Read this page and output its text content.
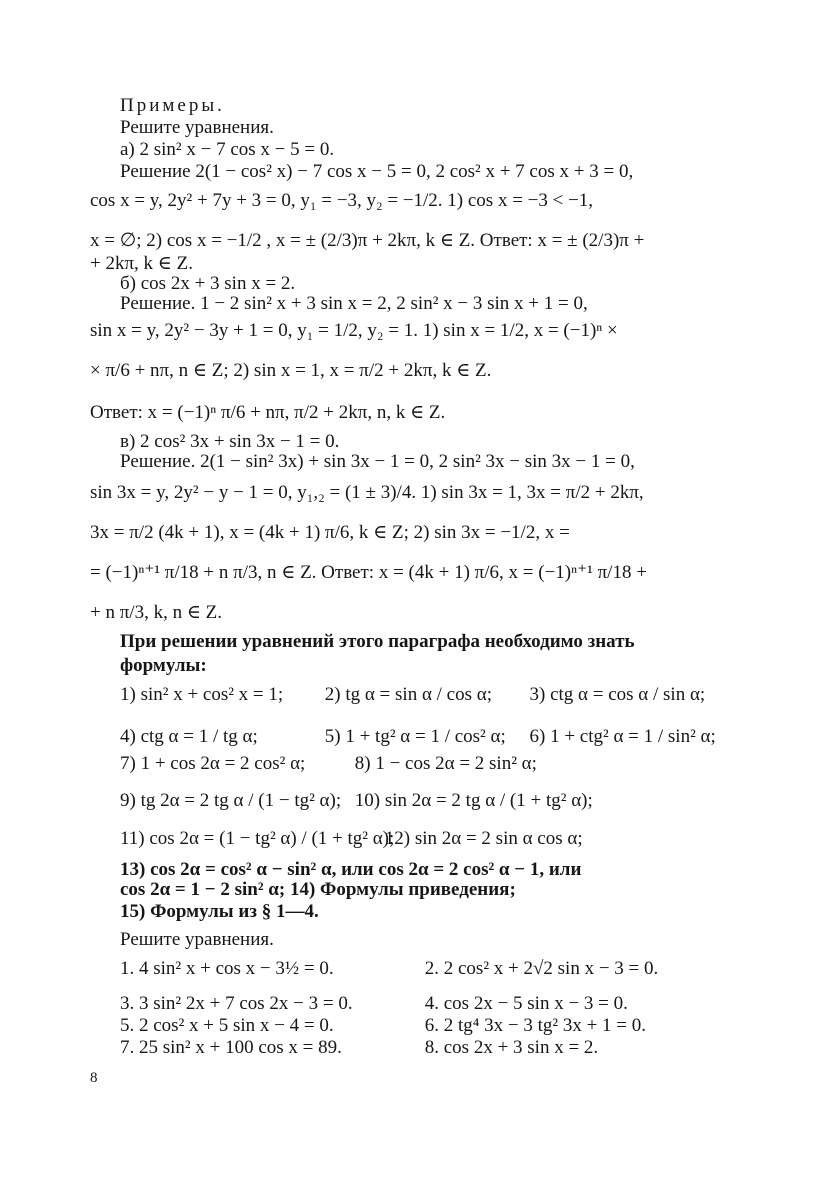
Примеры.
Решите уравнения.
а) 2 sin² x − 7 cos x − 5 = 0.
Решение 2(1 − cos² x) − 7 cos x − 5 = 0, 2 cos² x + 7 cos x + 3 = 0,
cos x = y, 2y² + 7y + 3 = 0, y₁ = −3, y₂ = −1/2. 1) cos x = −3 < −1,
x = ∅; 2) cos x = −1/2 , x = ± (2/3)π + 2kπ, k ∈ Z. Ответ: x = ± (2/3)π +
+ 2kπ, k ∈ Z.
б) cos 2x + 3 sin x = 2.
Решение. 1 − 2 sin² x + 3 sin x = 2, 2 sin² x − 3 sin x + 1 = 0,
sin x = y, 2y² − 3y + 1 = 0, y₁ = 1/2, y₂ = 1. 1) sin x = 1/2, x = (−1)ⁿ ×
× π/6 + nπ, n ∈ Z; 2) sin x = 1, x = π/2 + 2kπ, k ∈ Z.
Ответ: x = (−1)ⁿ π/6 + nπ, π/2 + 2kπ, n, k ∈ Z.
в) 2 cos² 3x + sin 3x − 1 = 0.
Решение. 2(1 − sin² 3x) + sin 3x − 1 = 0, 2 sin² 3x − sin 3x − 1 = 0,
sin 3x = y, 2y² − y − 1 = 0, y₁,₂ = (1 ± 3)/4. 1) sin 3x = 1, 3x = π/2 + 2kπ,
3x = π/2 (4k + 1), x = (4k + 1) π/6, k ∈ Z; 2) sin 3x = −1/2, x =
= (−1)ⁿ⁺¹ π/18 + n π/3, n ∈ Z. Ответ: x = (4k + 1) π/6, x = (−1)ⁿ⁺¹ π/18 +
+ n π/3, k, n ∈ Z.
При решении уравнений этого параграфа необходимо знать формулы:
1) sin² x + cos² x = 1; 2) tg α = sin α / cos α; 3) ctg α = cos α / sin α;
4) ctg α = 1 / tg α;	5) 1 + tg² α = 1 / cos² α; 6) 1 + ctg² α = 1 / sin² α;
7) 1 + cos 2α = 2 cos² α;	8) 1 − cos 2α = 2 sin² α;
9) tg 2α = 2 tg α / (1 − tg² α); 10) sin 2α = 2 tg α / (1 + tg² α);
11) cos 2α = (1 − tg² α) / (1 + tg² α); 12) sin 2α = 2 sin α cos α;
13) cos 2α = cos² α − sin² α, или cos 2α = 2 cos² α − 1, или
cos 2α = 1 − 2 sin² α; 14) Формулы приведения;
15) Формулы из § 1—4.
Решите уравнения.
1. 4 sin² x + cos x − 3½ = 0.	2. 2 cos² x + 2√2 sin x − 3 = 0.
3. 3 sin² 2x + 7 cos 2x − 3 = 0.	4. cos 2x − 5 sin x − 3 = 0.
5. 2 cos² x + 5 sin x − 4 = 0.	6. 2 tg⁴ 3x − 3 tg² 3x + 1 = 0.
7. 25 sin² x + 100 cos x = 89.	8. cos 2x + 3 sin x = 2.
8
